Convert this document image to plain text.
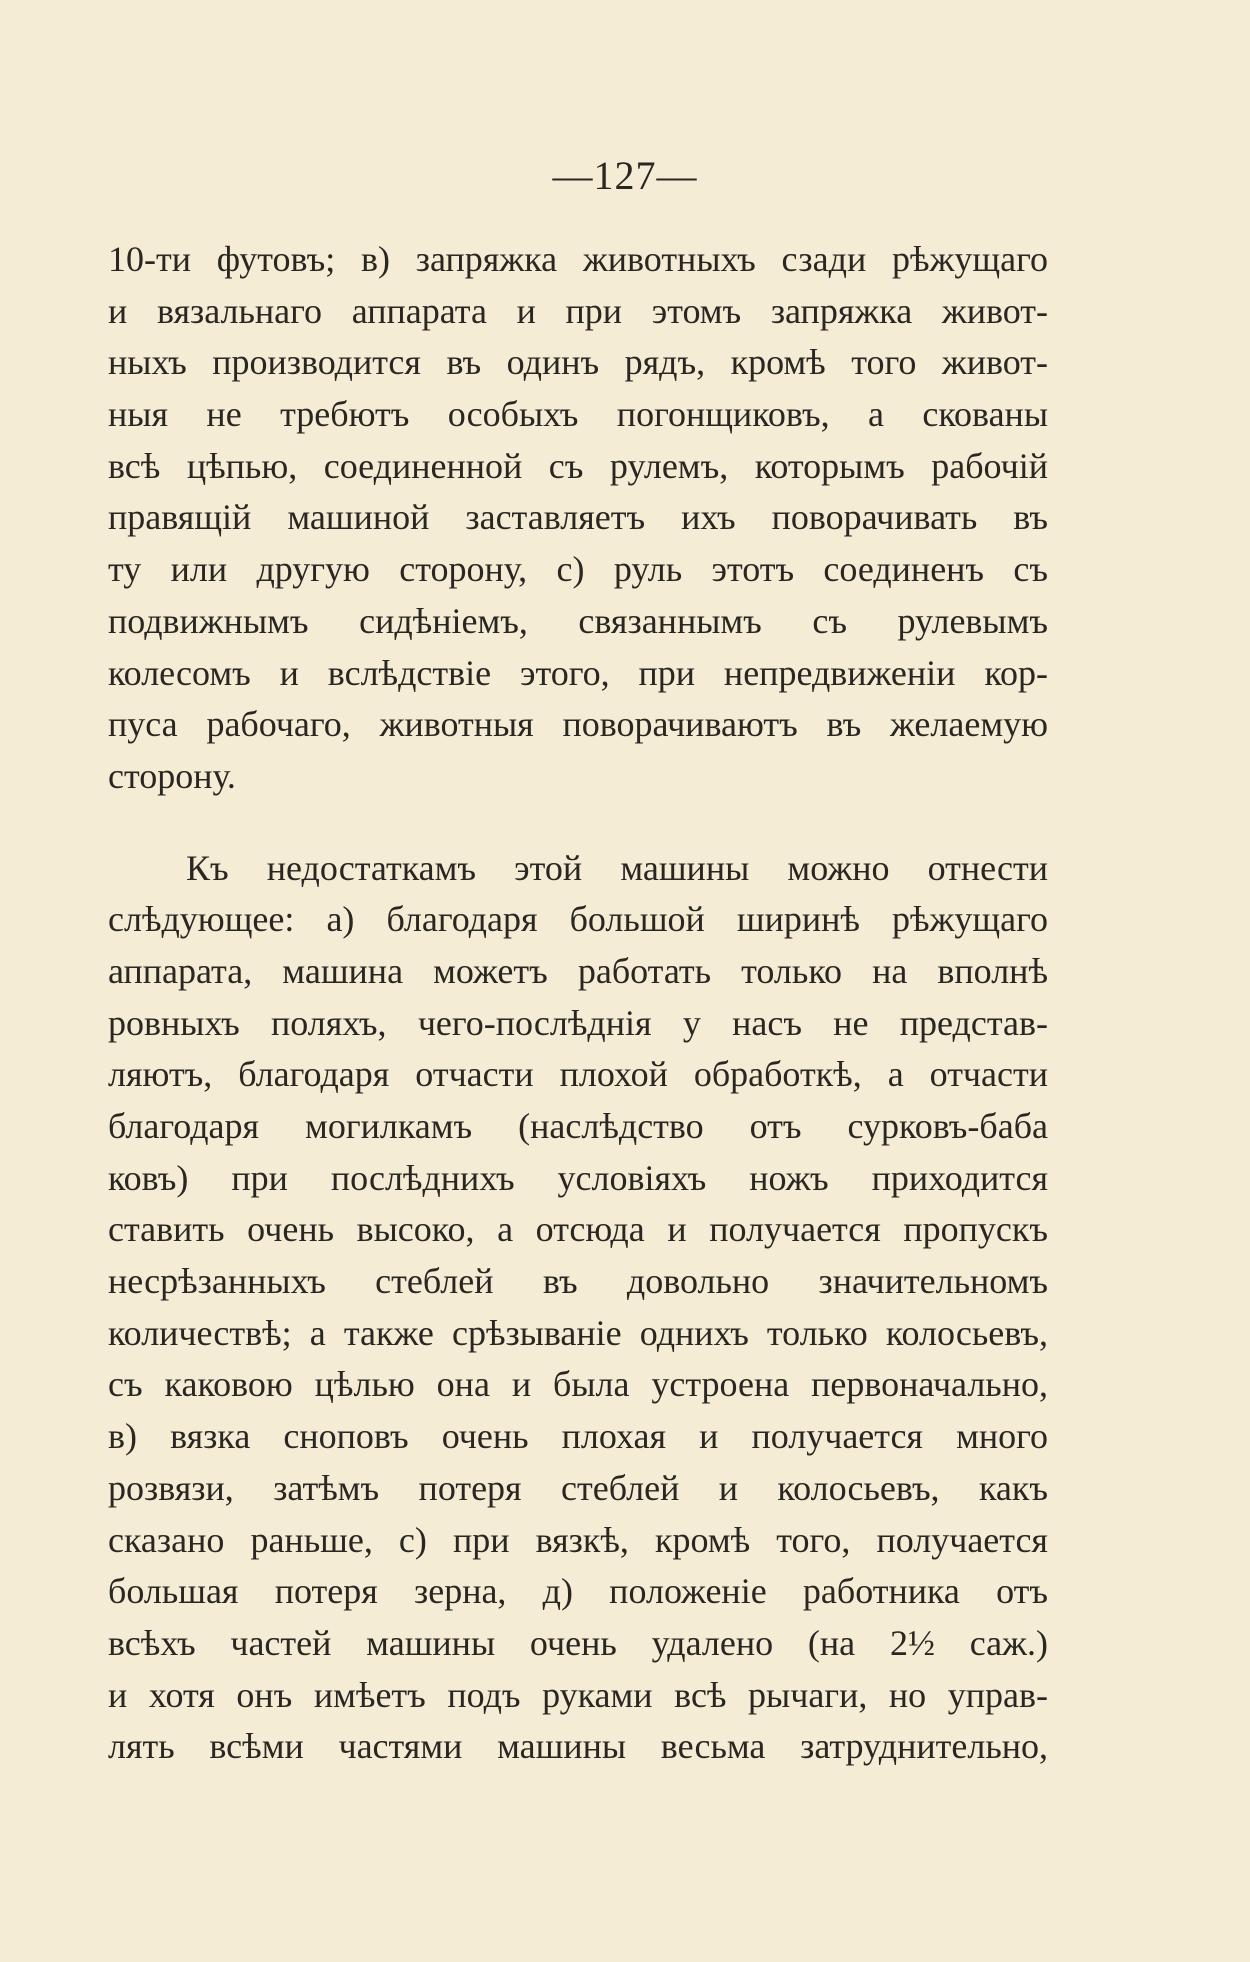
—127—
10-ти футовъ; в) запряжка животныхъ сзади рѣжущаго
и вязальнаго аппарата и при этомъ запряжка живот-
ныхъ производится въ одинъ рядъ, кромѣ того живот-
ныя не требютъ особыхъ погонщиковъ, а скованы
всѣ цѣпью, соединенной съ рулемъ, которымъ рабочій
правящій машиной заставляетъ ихъ поворачивать въ
ту или другую сторону, с) руль этотъ соединенъ съ
подвижнымъ сидѣніемъ, связаннымъ съ рулевымъ
колесомъ и вслѣдствіе этого, при непредвиженіи кор-
пуса рабочаго, животныя поворачиваютъ въ желаемую
сторону.
Къ недостаткамъ этой машины можно отнести
слѣдующее: а) благодаря большой ширинѣ рѣжущаго
аппарата, машина можетъ работать только на вполнѣ
ровныхъ поляхъ, чего-послѣднія у насъ не представ-
ляютъ, благодаря отчасти плохой обработкѣ, а отчасти
благодаря могилкамъ (наслѣдство отъ сурковъ-баба
ковъ) при послѣднихъ условіяхъ ножъ приходится
ставить очень высоко, а отсюда и получается пропускъ
несрѣзанныхъ стеблей въ довольно значительномъ
количествѣ; а также срѣзываніе однихъ только колосьевъ,
съ каковою цѣлью она и была устроена первоначально,
в) вязка сноповъ очень плохая и получается много
розвязи, затѣмъ потеря стеблей и колосьевъ, какъ
сказано раньше, с) при вязкѣ, кромѣ того, получается
большая потеря зерна, д) положеніе работника отъ
всѣхъ частей машины очень удалено (на 2½ саж.)
и хотя онъ имѣетъ подъ руками всѣ рычаги, но управ-
лять всѣми частями машины весьма затруднительно,
